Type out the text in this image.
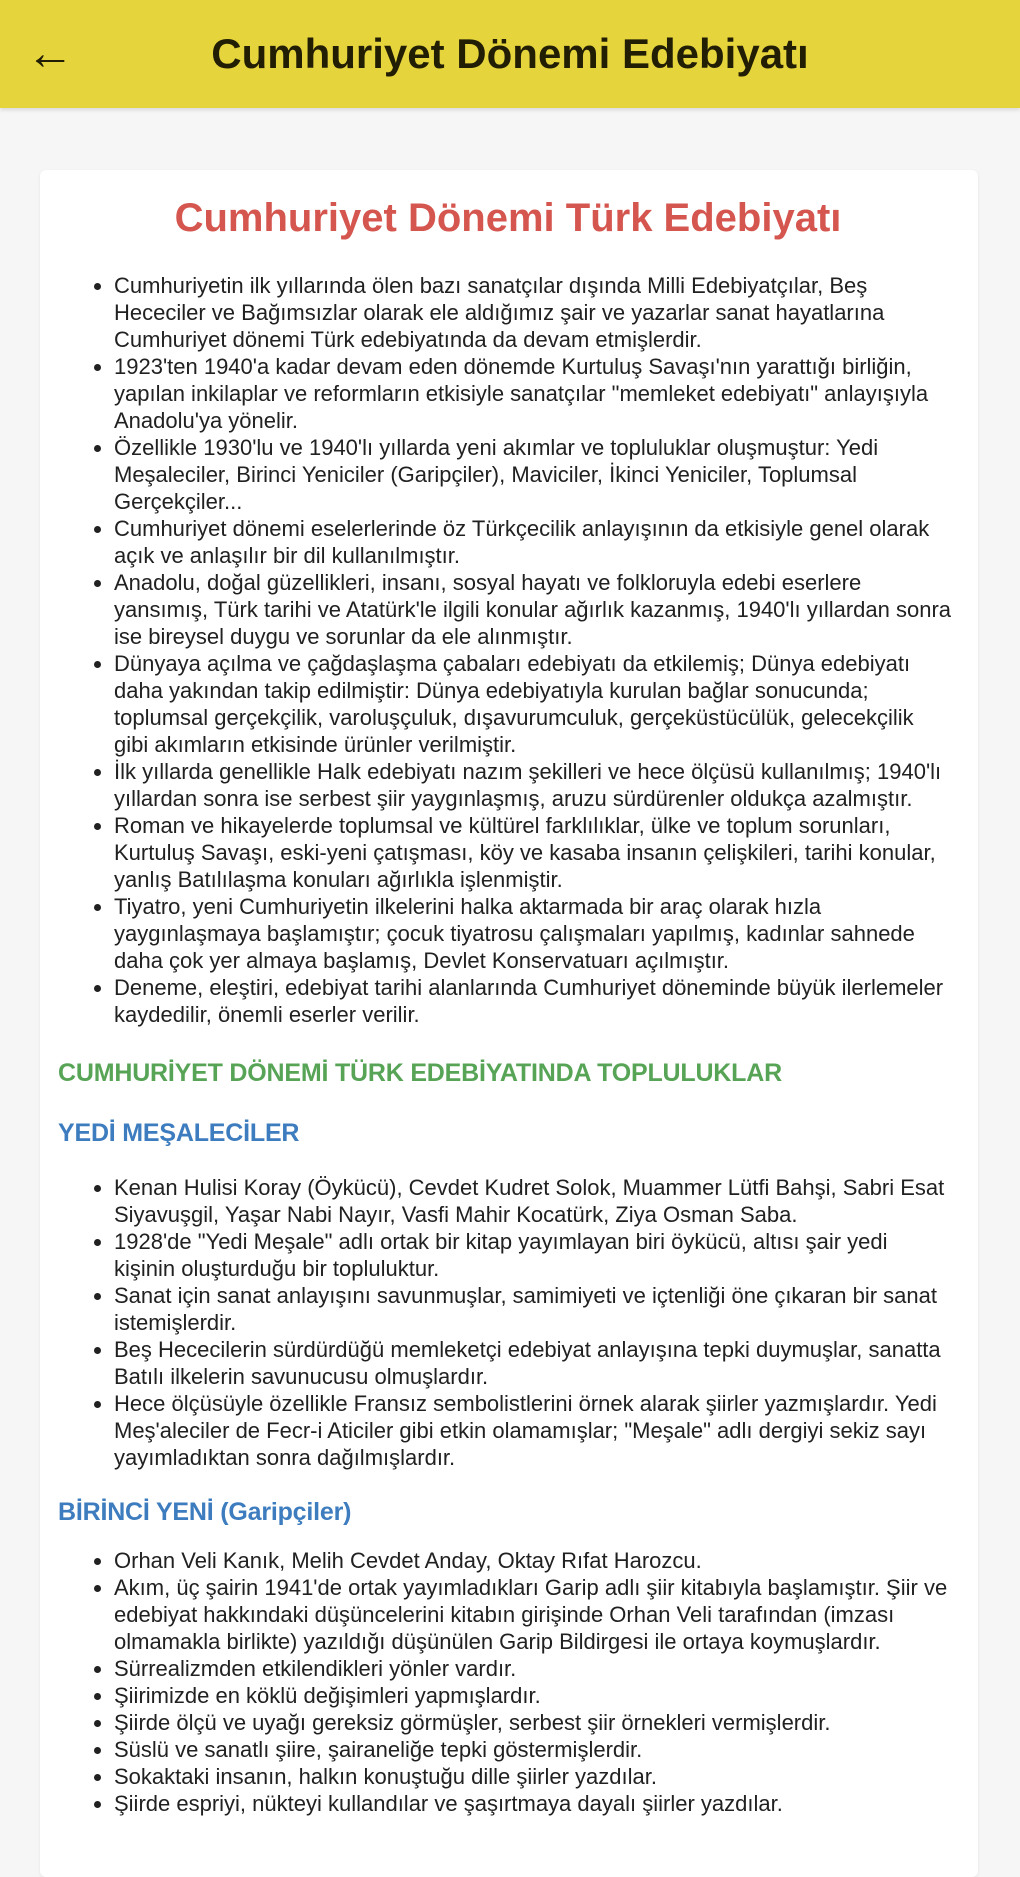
←	Cumhuriyet Dönemi Edebiyatı
Cumhuriyet Dönemi Türk Edebiyatı
• Cumhuriyetin ilk yıllarında ölen bazı sanatçılar dışında Milli Edebiyatçılar, Beş Hececiler ve Bağımsızlar olarak ele aldığımız şair ve yazarlar sanat hayatlarına Cumhuriyet dönemi Türk edebiyatında da devam etmişlerdir.
• 1923'ten 1940'a kadar devam eden dönemde Kurtuluş Savaşı'nın yarattığı birliğin, yapılan inkilaplar ve reformların etkisiyle sanatçılar "memleket edebiyatı" anlayışıyla Anadolu'ya yönelir.
• Özellikle 1930'lu ve 1940'lı yıllarda yeni akımlar ve topluluklar oluşmuştur: Yedi Meşaleciler, Birinci Yeniciler (Garipçiler), Maviciler, İkinci Yeniciler, Toplumsal Gerçekçiler...
• Cumhuriyet dönemi eselerlerinde öz Türkçecilik anlayışının da etkisiyle genel olarak açık ve anlaşılır bir dil kullanılmıştır.
• Anadolu, doğal güzellikleri, insanı, sosyal hayatı ve folkloruyla edebi eserlere yansımış, Türk tarihi ve Atatürk'le ilgili konular ağırlık kazanmış, 1940'lı yıllardan sonra ise bireysel duygu ve sorunlar da ele alınmıştır.
• Dünyaya açılma ve çağdaşlaşma çabaları edebiyatı da etkilemiş; Dünya edebiyatı daha yakından takip edilmiştir: Dünya edebiyatıyla kurulan bağlar sonucunda; toplumsal gerçekçilik, varoluşçuluk, dışavurumculuk, gerçeküstücülük, gelecekçilik gibi akımların etkisinde ürünler verilmiştir.
• İlk yıllarda genellikle Halk edebiyatı nazım şekilleri ve hece ölçüsü kullanılmış; 1940'lı yıllardan sonra ise serbest şiir yaygınlaşmış, aruzu sürdürenler oldukça azalmıştır.
• Roman ve hikayelerde toplumsal ve kültürel farklılıklar, ülke ve toplum sorunları, Kurtuluş Savaşı, eski-yeni çatışması, köy ve kasaba insanın çelişkileri, tarihi konular, yanlış Batılılaşma konuları ağırlıkla işlenmiştir.
• Tiyatro, yeni Cumhuriyetin ilkelerini halka aktarmada bir araç olarak hızla yaygınlaşmaya başlamıştır; çocuk tiyatrosu çalışmaları yapılmış, kadınlar sahnede daha çok yer almaya başlamış, Devlet Konservatuarı açılmıştır.
• Deneme, eleştiri, edebiyat tarihi alanlarında Cumhuriyet döneminde büyük ilerlemeler kaydedilir, önemli eserler verilir.
CUMHURİYET DÖNEMİ TÜRK EDEBİYATINDA TOPLULUKLAR
YEDİ MEŞALECİLER
• Kenan Hulisi Koray (Öykücü), Cevdet Kudret Solok, Muammer Lütfi Bahşi, Sabri Esat Siyavuşgil, Yaşar Nabi Nayır, Vasfi Mahir Kocatürk, Ziya Osman Saba.
• 1928'de "Yedi Meşale" adlı ortak bir kitap yayımlayan biri öykücü, altısı şair yedi kişinin oluşturduğu bir topluluktur.
• Sanat için sanat anlayışını savunmuşlar, samimiyeti ve içtenliği öne çıkaran bir sanat istemişlerdir.
• Beş Hececilerin sürdürdüğü memleketçi edebiyat anlayışına tepki duymuşlar, sanatta Batılı ilkelerin savunucusu olmuşlardır.
• Hece ölçüsüyle özellikle Fransız sembolistlerini örnek alarak şiirler yazmışlardır. Yedi Meş'aleciler de Fecr-i Aticiler gibi etkin olamamışlar; "Meşale" adlı dergiyi sekiz sayı yayımladıktan sonra dağılmışlardır.
BİRİNCİ YENİ (Garipçiler)
• Orhan Veli Kanık, Melih Cevdet Anday, Oktay Rıfat Harozcu.
• Akım, üç şairin 1941'de ortak yayımladıkları Garip adlı şiir kitabıyla başlamıştır. Şiir ve edebiyat hakkındaki düşüncelerini kitabın girişinde Orhan Veli tarafından (imzası olmamakla birlikte) yazıldığı düşünülen Garip Bildirgesi ile ortaya koymuşlardır.
• Sürrealizmden etkilendikleri yönler vardır.
• Şiirimizde en köklü değişimleri yapmışlardır.
• Şiirde ölçü ve uyağı gereksiz görmüşler, serbest şiir örnekleri vermişlerdir.
• Süslü ve sanatlı şiire, şairaneliğe tepki göstermişlerdir.
• Sokaktaki insanın, halkın konuştuğu dille şiirler yazdılar.
• Şiirde espriyi, nükteyi kullandılar ve şaşırtmaya dayalı şiirler yazdılar.
